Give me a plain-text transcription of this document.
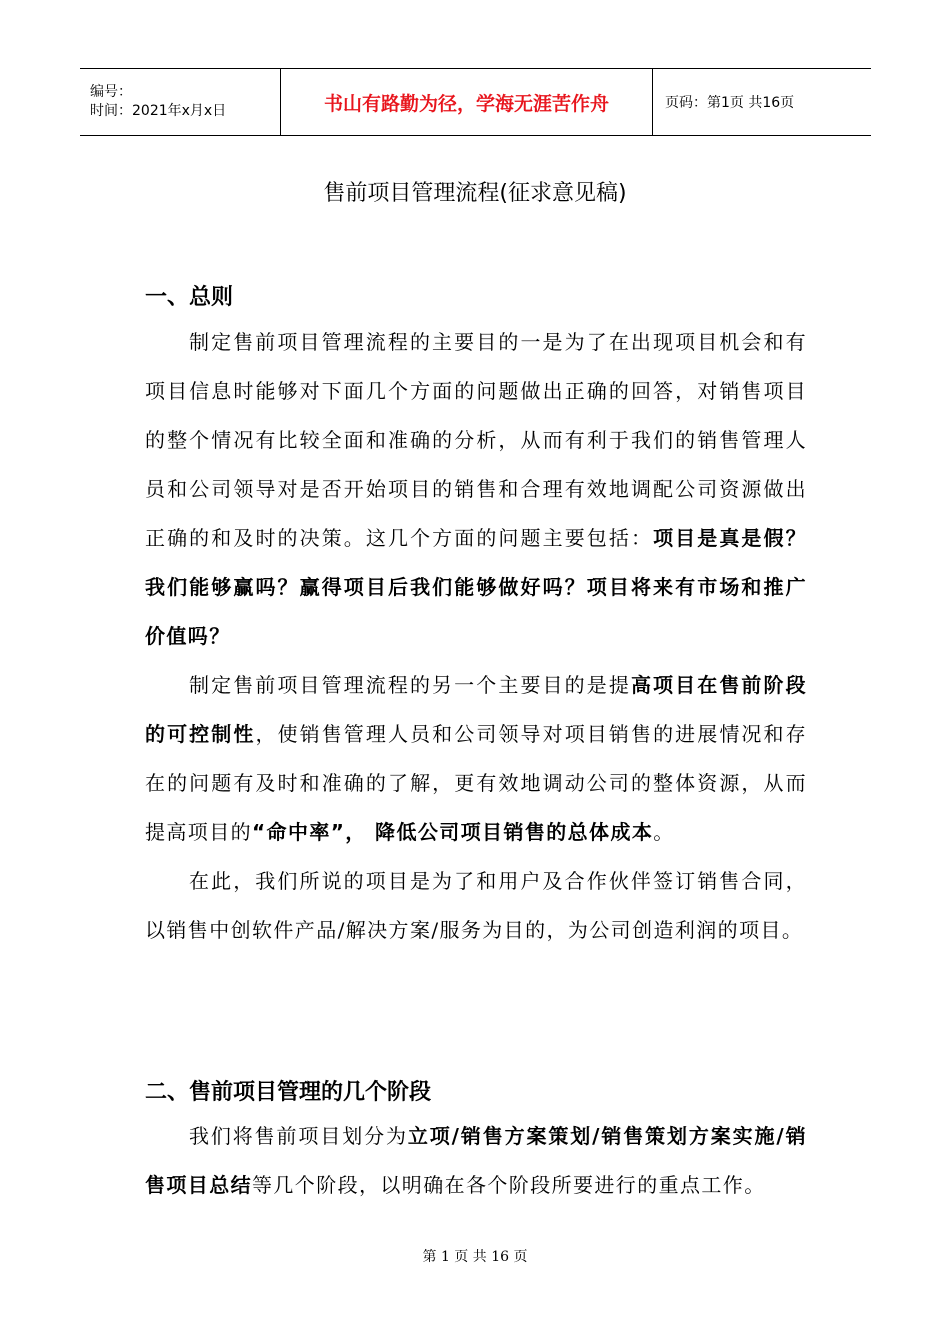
编号：
时间：2021年x月x日	书山有路勤为径，学海无涯苦作舟	页码：第1页 共16页
售前项目管理流程(征求意见稿)
一、总则
制定售前项目管理流程的主要目的一是为了在出现项目机会和有项目信息时能够对下面几个方面的问题做出正确的回答，对销售项目的整个情况有比较全面和准确的分析，从而有利于我们的销售管理人员和公司领导对是否开始项目的销售和合理有效地调配公司资源做出正确的和及时的决策。这几个方面的问题主要包括：项目是真是假？我们能够赢吗？赢得项目后我们能够做好吗？项目将来有市场和推广价值吗？
制定售前项目管理流程的另一个主要目的是提高项目在售前阶段的可控制性，使销售管理人员和公司领导对项目销售的进展情况和存在的问题有及时和准确的了解，更有效地调动公司的整体资源，从而提高项目的“命中率”， 降低公司项目销售的总体成本。
在此，我们所说的项目是为了和用户及合作伙伴签订销售合同，以销售中创软件产品/解决方案/服务为目的，为公司创造利润的项目。
二、售前项目管理的几个阶段
我们将售前项目划分为立项/销售方案策划/销售策划方案实施/销售项目总结等几个阶段，以明确在各个阶段所要进行的重点工作。
第 1 页 共 16 页
